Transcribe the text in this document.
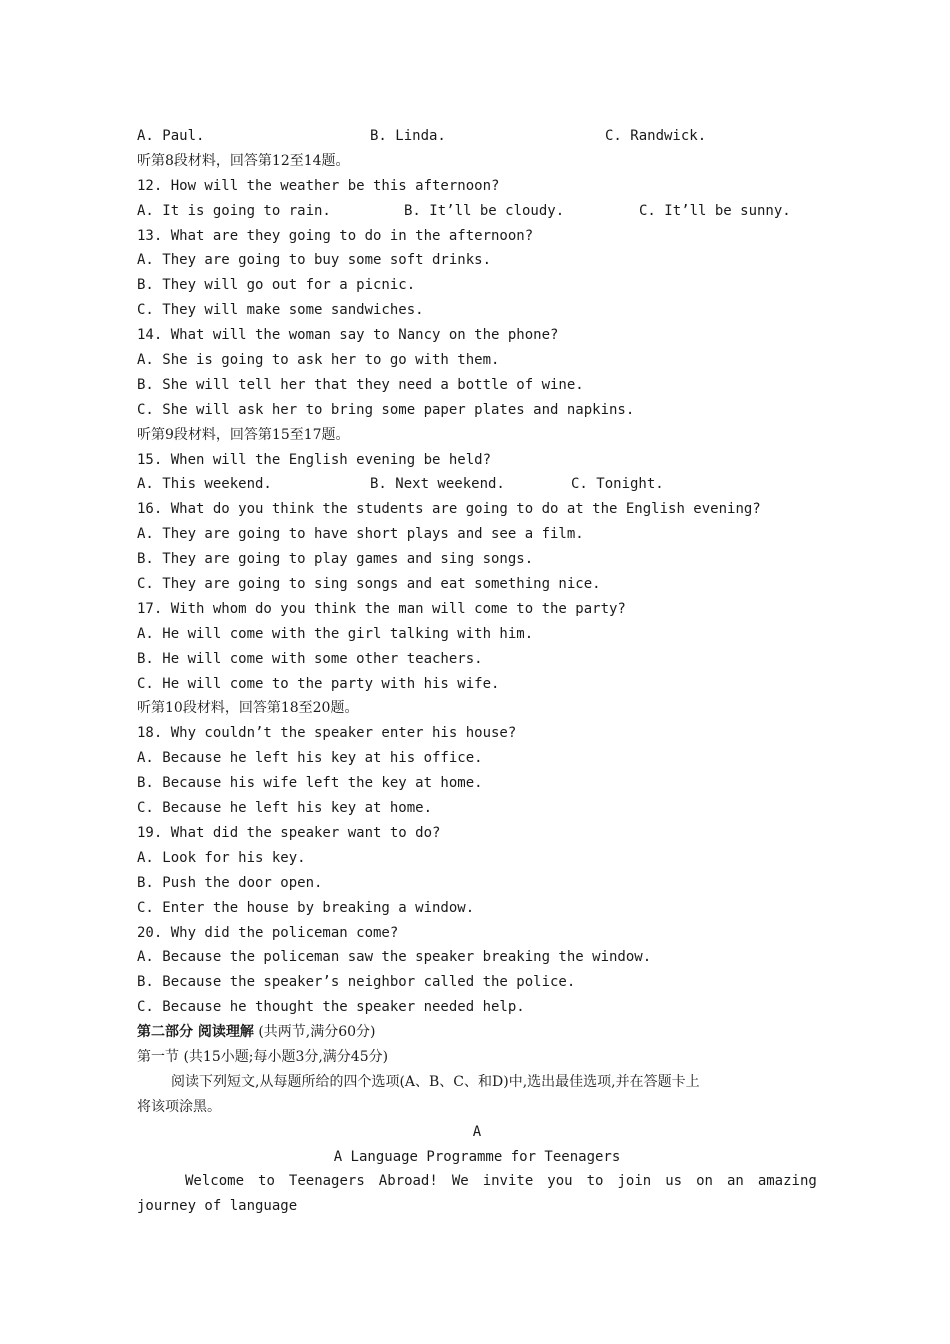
A. Paul.	B. Linda.	C. Randwick.
听第8段材料，回答第12至14题。
12. How will the weather be this afternoon?
A. It is going to rain.	B. It’ll be cloudy.	C. It’ll be sunny.
13. What are they going to do in the afternoon?
A. They are going to buy some soft drinks.
B. They will go out for a picnic.
C. They will make some sandwiches.
14. What will the woman say to Nancy on the phone?
A. She is going to ask her to go with them.
B. She will tell her that they need a bottle of wine.
C. She will ask her to bring some paper plates and napkins.
听第9段材料，回答第15至17题。
15. When will the English evening be held?
A. This weekend.	B. Next weekend.	C. Tonight.
16. What do you think the students are going to do at the English evening?
A. They are going to have short plays and see a film.
B. They are going to play games and sing songs.
C. They are going to sing songs and eat something nice.
17. With whom do you think the man will come to the party?
A. He will come with the girl talking with him.
B. He will come with some other teachers.
C. He will come to the party with his wife.
听第10段材料，回答第18至20题。
18. Why couldn’t the speaker enter his house?
A. Because he left his key at his office.
B. Because his wife left the key at home.
C. Because he left his key at home.
19. What did the speaker want to do?
A. Look for his key.
B. Push the door open.
C. Enter the house by breaking a window.
20. Why did the policeman come?
A. Because the policeman saw the speaker breaking the window.
B. Because the speaker’s neighbor called the police.
C. Because he thought the speaker needed help.
第二部分 阅读理解 (共两节,满分60分)
第一节 (共15小题;每小题3分,满分45分)
阅读下列短文,从每题所给的四个选项(A、B、C、和D)中,选出最佳选项,并在答题卡上
将该项涂黑。
A
A Language Programme for Teenagers
Welcome to Teenagers Abroad! We invite you to join us on an amazing
journey of language
